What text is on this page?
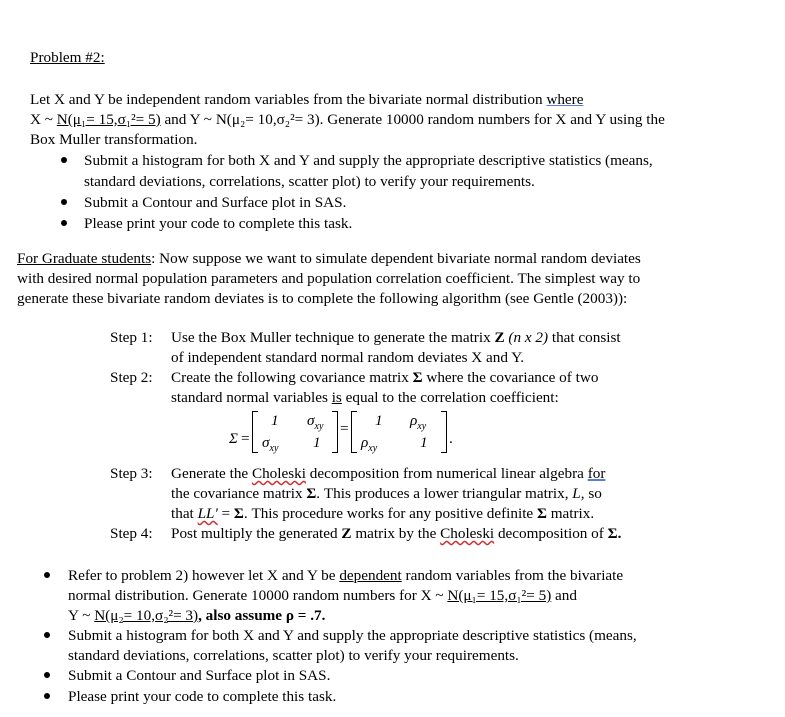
Problem #2:
Let X and Y be independent random variables from the bivariate normal distribution where
X ~ N(μ₁= 15,σ₁²= 5) and Y ~ N(μ₂= 10,σ₂²= 3). Generate 10000 random numbers for X and Y using the
Box Muller transformation.
Submit a histogram for both X and Y and supply the appropriate descriptive statistics (means,
standard deviations, correlations, scatter plot) to verify your requirements.
Submit a Contour and Surface plot in SAS.
Please print your code to complete this task.
For Graduate students: Now suppose we want to simulate dependent bivariate normal random deviates
with desired normal population parameters and population correlation coefficient. The simplest way to
generate these bivariate random deviates is to complete the following algorithm (see Gentle (2003)):
Step 1: Use the Box Muller technique to generate the matrix Z (n x 2) that consist
of independent standard normal random deviates X and Y.
Step 2: Create the following covariance matrix Σ where the covariance of two
standard normal variables is equal to the correlation coefficient:
Σ =
1 $\sigma_{xy}$
$\sigma_{xy}$ 1
= 1 $\rho_{xy}$
$\rho_{xy}$	1 .
Step 3: Generate the Choleski decomposition from numerical linear algebra for
the covariance matrix Σ. This produces a lower triangular matrix, L, so
that LL' = Σ. This procedure works for any positive definite Σ matrix.
Step 4: Post multiply the generated Z matrix by the Choleski decomposition of Σ.
Refer to problem 2) however let X and Y be dependent random variables from the bivariate
normal distribution. Generate 10000 random numbers for X ~ N(μ₁= 15,σ₁²= 5) and
Y ~ N(μ₂= 10,σ₂²= 3), also assume ρ = .7.
Submit a histogram for both X and Y and supply the appropriate descriptive statistics (means,
standard deviations, correlations, scatter plot) to verify your requirements.
Submit a Contour and Surface plot in SAS.
Please print your code to complete this task.
